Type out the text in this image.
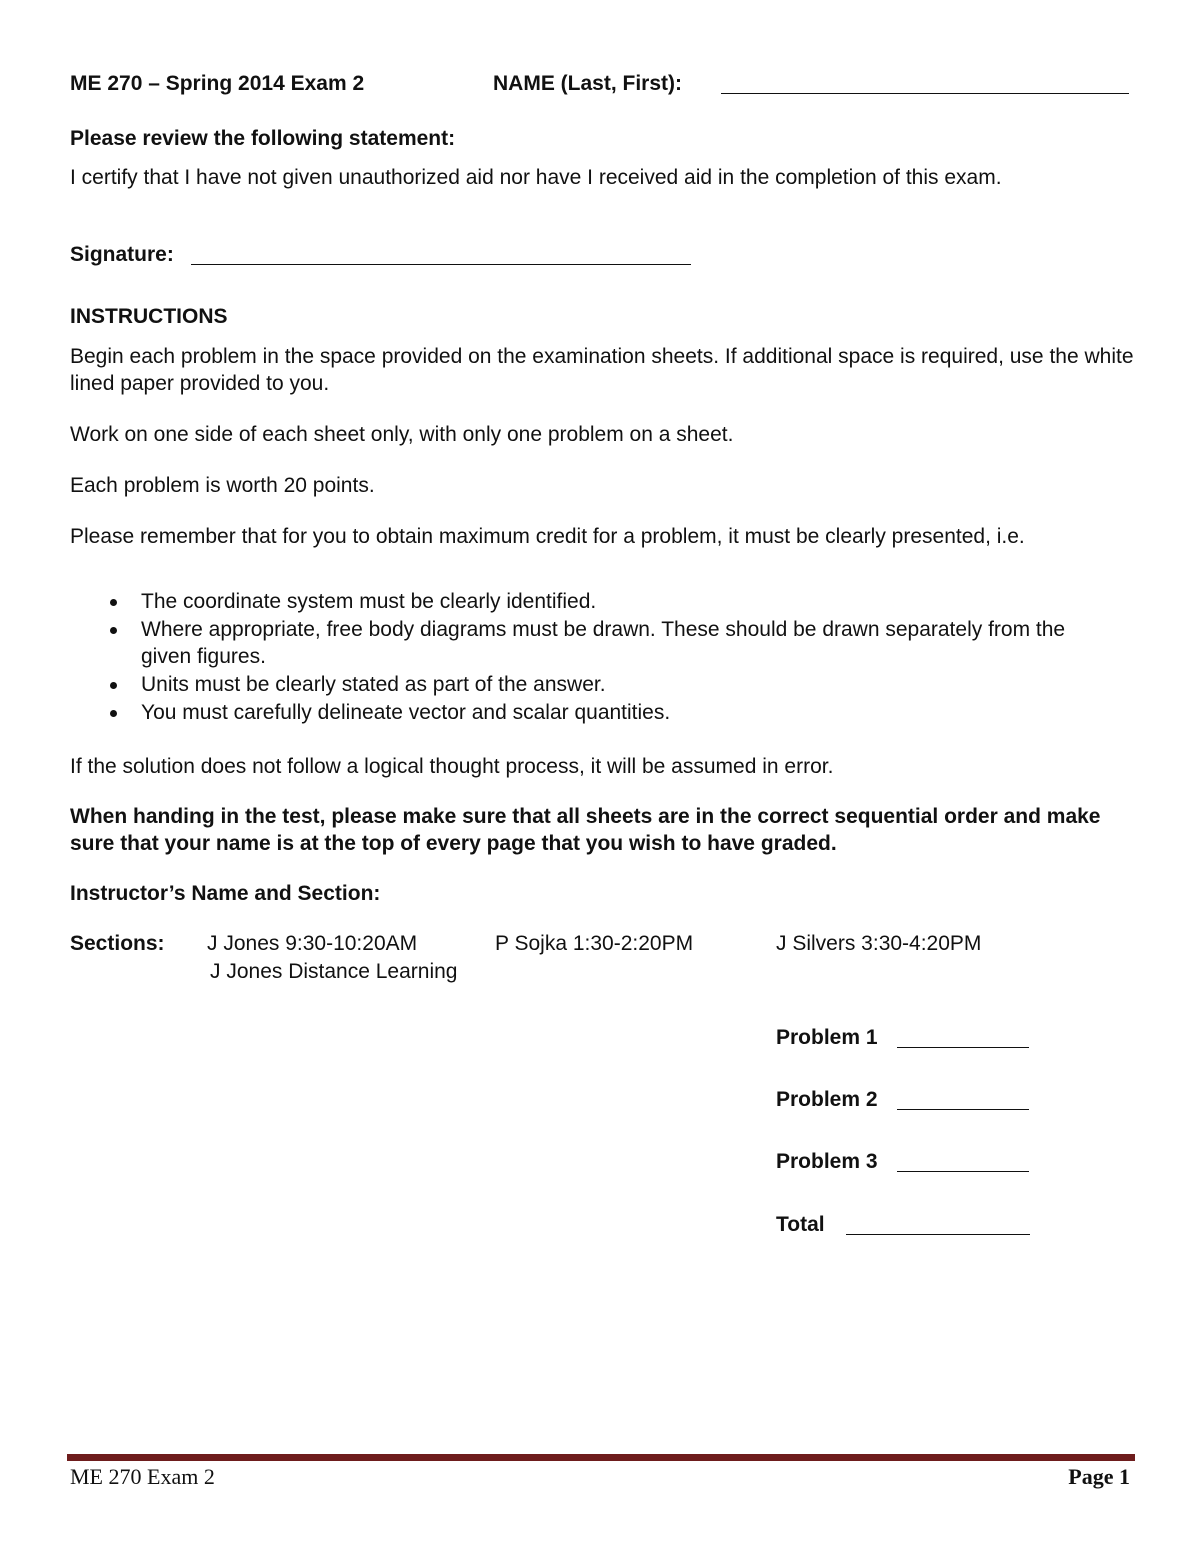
ME 270 – Spring 2014 Exam 2	NAME (Last, First):
Please review the following statement:
I certify that I have not given unauthorized aid nor have I received aid in the completion of this exam.
Signature:
INSTRUCTIONS
Begin each problem in the space provided on the examination sheets. If additional space is required, use the white lined paper provided to you.
Work on one side of each sheet only, with only one problem on a sheet.
Each problem is worth 20 points.
Please remember that for you to obtain maximum credit for a problem, it must be clearly presented, i.e.
The coordinate system must be clearly identified.
Where appropriate, free body diagrams must be drawn. These should be drawn separately from the given figures.
Units must be clearly stated as part of the answer.
You must carefully delineate vector and scalar quantities.
If the solution does not follow a logical thought process, it will be assumed in error.
When handing in the test, please make sure that all sheets are in the correct sequential order and make sure that your name is at the top of every page that you wish to have graded.
Instructor’s Name and Section:
Sections: J Jones 9:30-10:20AM	P Sojka 1:30-2:20PM	J Silvers 3:30-4:20PM
J Jones Distance Learning
Problem 1
Problem 2
Problem 3
Total
ME 270 Exam 2	Page 1
